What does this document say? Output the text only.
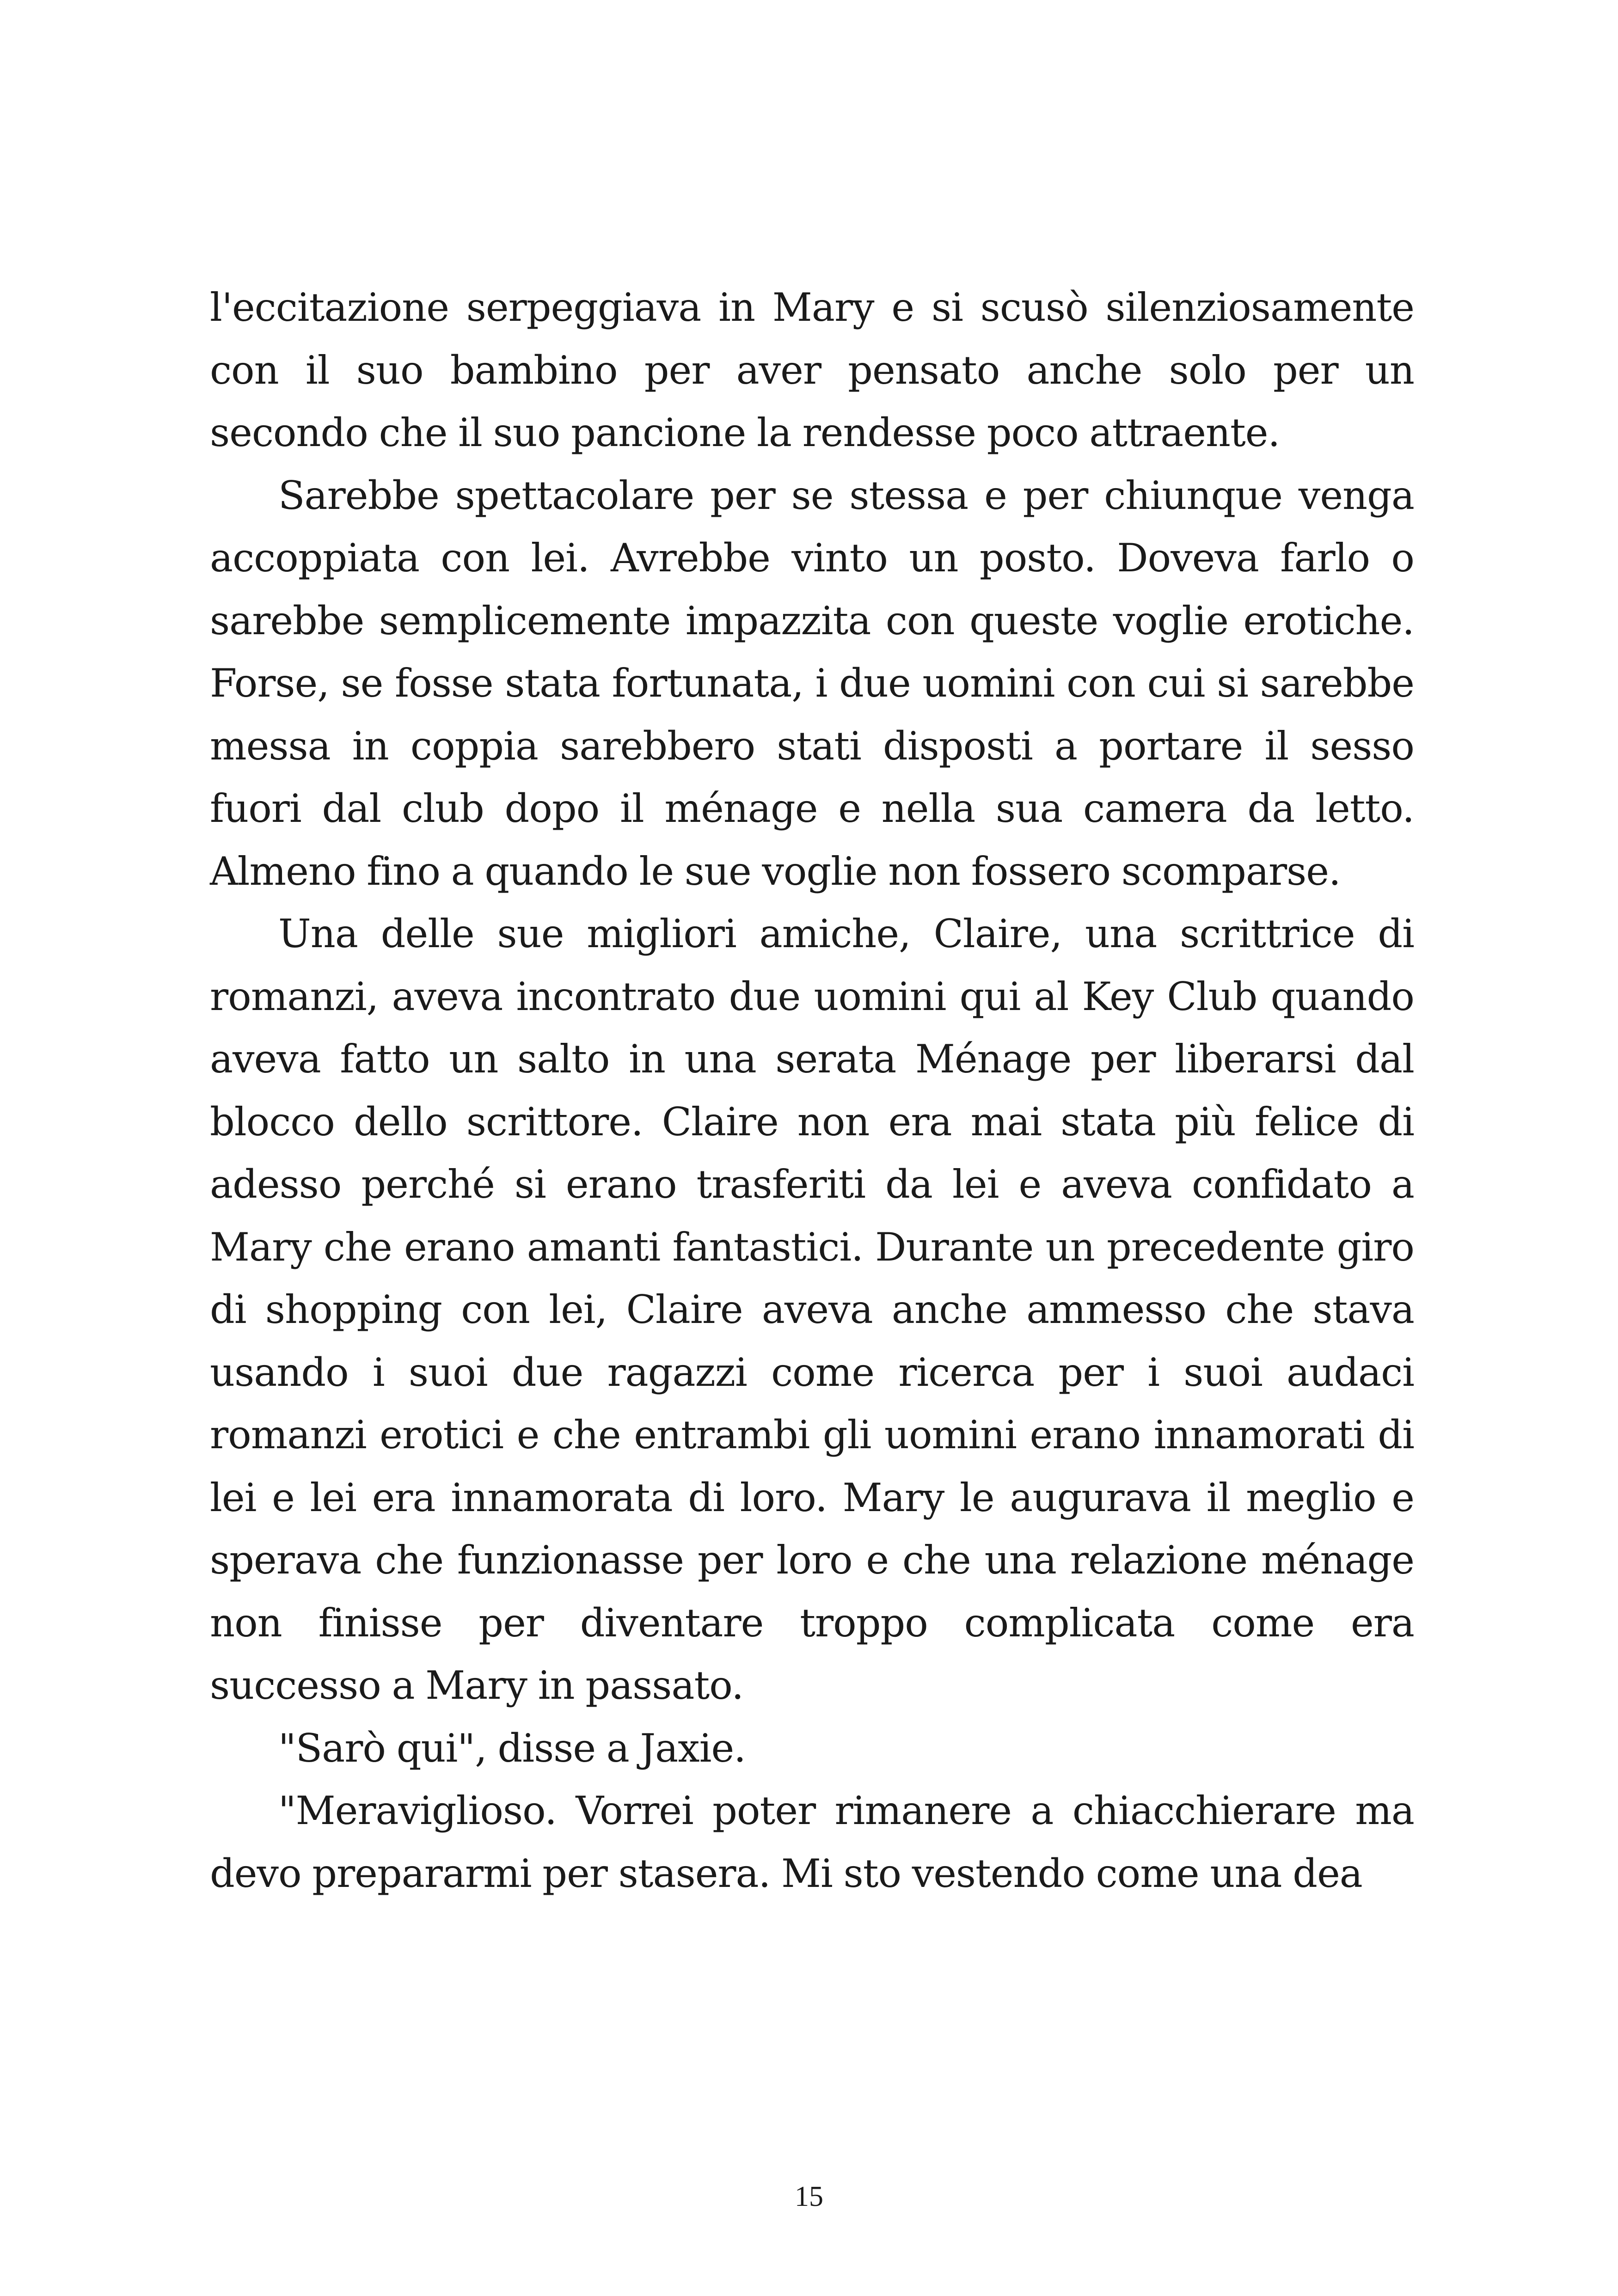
l'eccitazione serpeggiava in Mary e si scusò silenziosamente con il suo bambino per aver pensato anche solo per un secondo che il suo pancione la rendesse poco attraente.

Sarebbe spettacolare per se stessa e per chiunque venga accoppiata con lei. Avrebbe vinto un posto. Doveva farlo o sarebbe semplicemente impazzita con queste voglie erotiche. Forse, se fosse stata fortunata, i due uomini con cui si sarebbe messa in coppia sarebbero stati disposti a portare il sesso fuori dal club dopo il ménage e nella sua camera da letto. Almeno fino a quando le sue voglie non fossero scomparse.

Una delle sue migliori amiche, Claire, una scrittrice di romanzi, aveva incontrato due uomini qui al Key Club quando aveva fatto un salto in una serata Ménage per liberarsi dal blocco dello scrittore. Claire non era mai stata più felice di adesso perché si erano trasferiti da lei e aveva confidato a Mary che erano amanti fantastici. Durante un precedente giro di shopping con lei, Claire aveva anche ammesso che stava usando i suoi due ragazzi come ricerca per i suoi audaci romanzi erotici e che entrambi gli uomini erano innamorati di lei e lei era innamorata di loro. Mary le augurava il meglio e sperava che funzionasse per loro e che una relazione ménage non finisse per diventare troppo complicata come era successo a Mary in passato.

"Sarò qui", disse a Jaxie.

"Meraviglioso. Vorrei poter rimanere a chiacchierare ma devo prepararmi per stasera. Mi sto vestendo come una dea

15
